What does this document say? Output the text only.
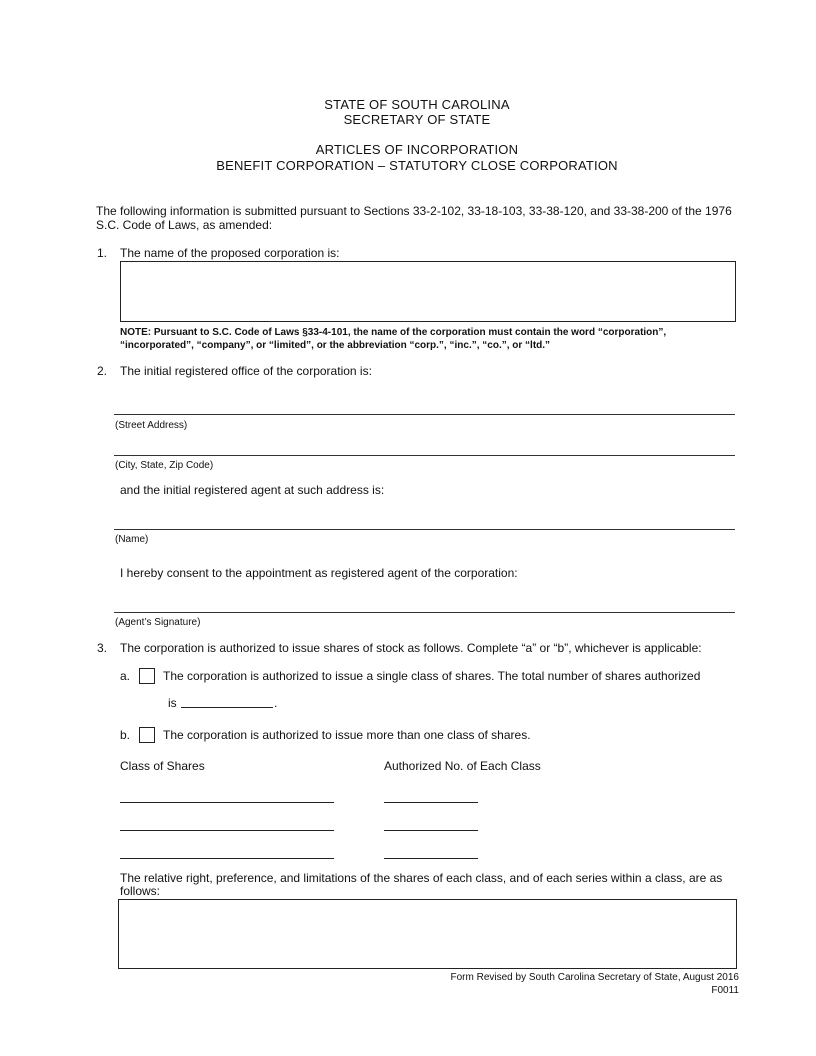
STATE OF SOUTH CAROLINA
SECRETARY OF STATE
ARTICLES OF INCORPORATION
BENEFIT CORPORATION – STATUTORY CLOSE CORPORATION
The following information is submitted pursuant to Sections 33-2-102, 33-18-103, 33-38-120, and 33-38-200 of the 1976 S.C. Code of Laws, as amended:
1. The name of the proposed corporation is:
NOTE: Pursuant to S.C. Code of Laws §33-4-101, the name of the corporation must contain the word “corporation”, “incorporated”, “company”, or “limited”, or the abbreviation “corp.”, “inc.”, “co.”, or “ltd.”
2. The initial registered office of the corporation is:
(Street Address)
(City, State, Zip Code)
and the initial registered agent at such address is:
(Name)
I hereby consent to the appointment as registered agent of the corporation:
(Agent’s Signature)
3. The corporation is authorized to issue shares of stock as follows. Complete “a” or “b”, whichever is applicable:
a.	The corporation is authorized to issue a single class of shares. The total number of shares authorized
is	.
b.	The corporation is authorized to issue more than one class of shares.
Class of Shares	Authorized No. of Each Class
The relative right, preference, and limitations of the shares of each class, and of each series within a class, are as follows:
Form Revised by South Carolina Secretary of State, August 2016
F0011
